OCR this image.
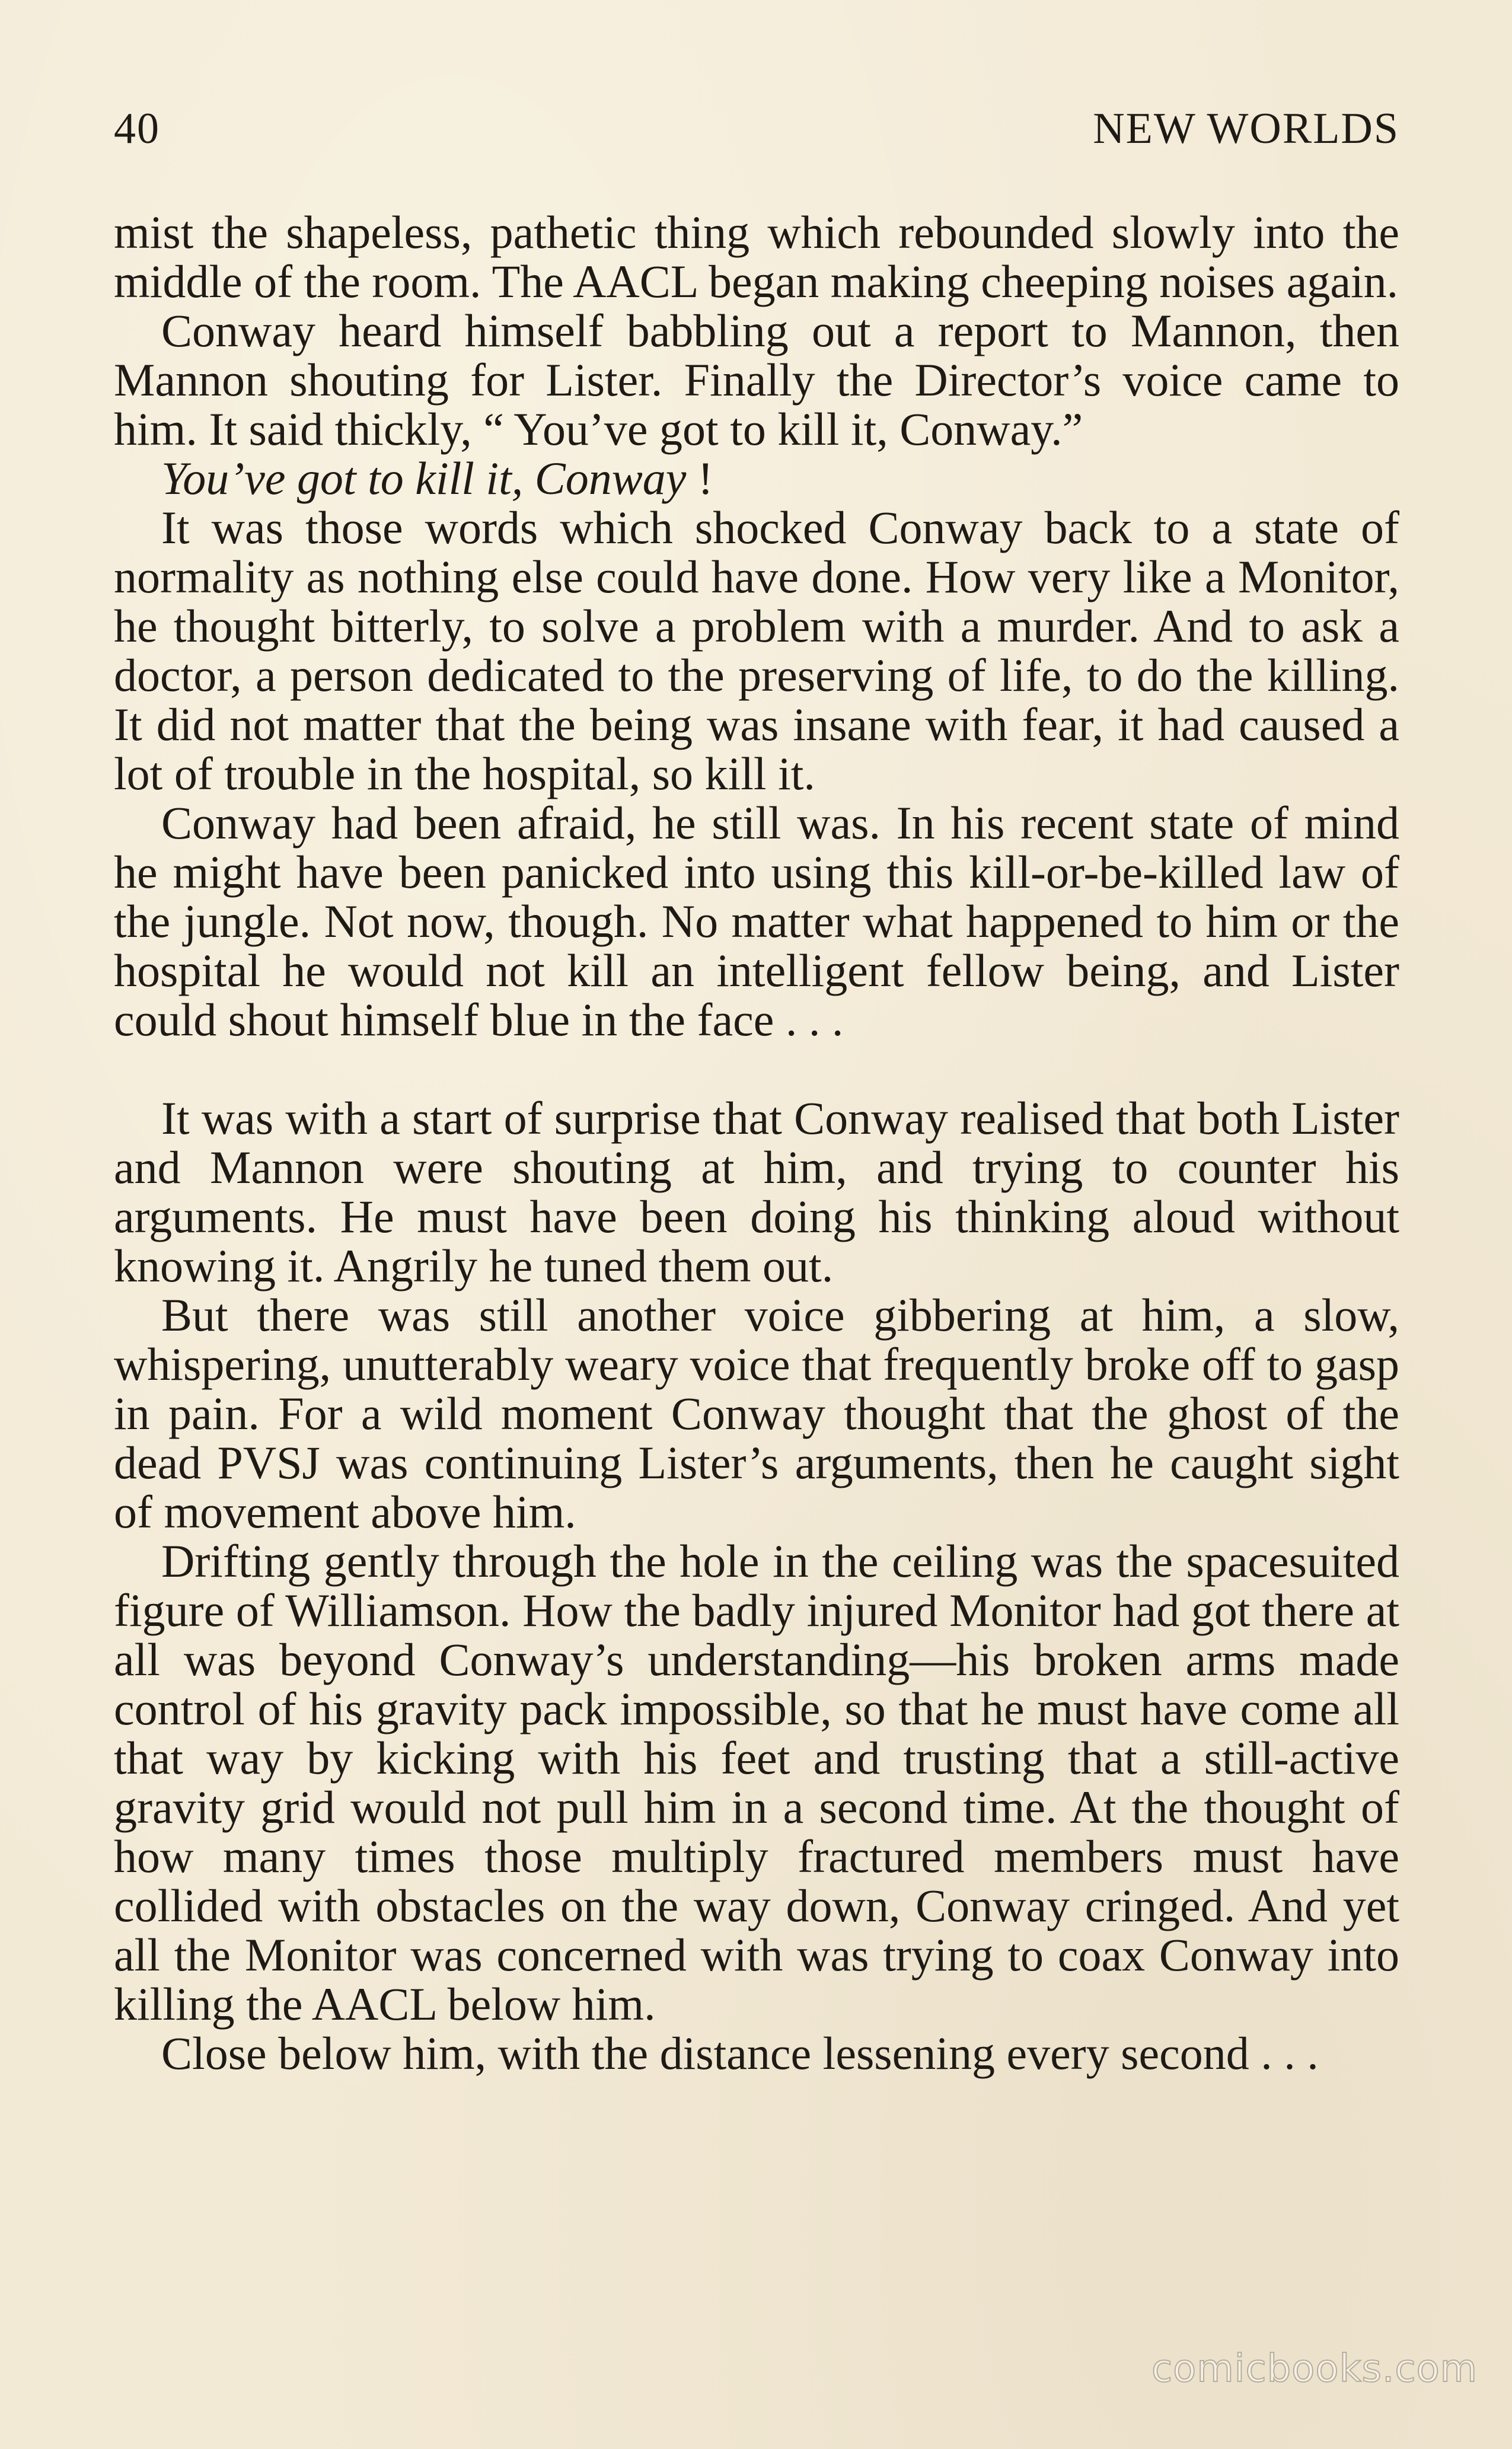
40	NEW WORLDS

mist the shapeless, pathetic thing which rebounded slowly into the middle of the room. The AACL began making cheeping noises again.

Conway heard himself babbling out a report to Mannon, then Mannon shouting for Lister. Finally the Director’s voice came to him. It said thickly, “ You’ve got to kill it, Conway.”

You’ve got to kill it, Conway !

It was those words which shocked Conway back to a state of normality as nothing else could have done. How very like a Monitor, he thought bitterly, to solve a problem with a murder. And to ask a doctor, a person dedicated to the preserving of life, to do the killing. It did not matter that the being was insane with fear, it had caused a lot of trouble in the hospital, so kill it.

Conway had been afraid, he still was. In his recent state of mind he might have been panicked into using this kill-or-be-killed law of the jungle. Not now, though. No matter what happened to him or the hospital he would not kill an intelligent fellow being, and Lister could shout himself blue in the face . . .

It was with a start of surprise that Conway realised that both Lister and Mannon were shouting at him, and trying to counter his arguments. He must have been doing his thinking aloud without knowing it. Angrily he tuned them out.

But there was still another voice gibbering at him, a slow, whispering, unutterably weary voice that frequently broke off to gasp in pain. For a wild moment Conway thought that the ghost of the dead PVSJ was continuing Lister’s arguments, then he caught sight of movement above him.

Drifting gently through the hole in the ceiling was the spacesuited figure of Williamson. How the badly injured Monitor had got there at all was beyond Conway’s understanding—his broken arms made control of his gravity pack impossible, so that he must have come all that way by kicking with his feet and trusting that a still-active gravity grid would not pull him in a second time. At the thought of how many times those multiply fractured members must have collided with obstacles on the way down, Conway cringed. And yet all the Monitor was concerned with was trying to coax Conway into killing the AACL below him.

Close below him, with the distance lessening every second . . .

comicbooks.com
